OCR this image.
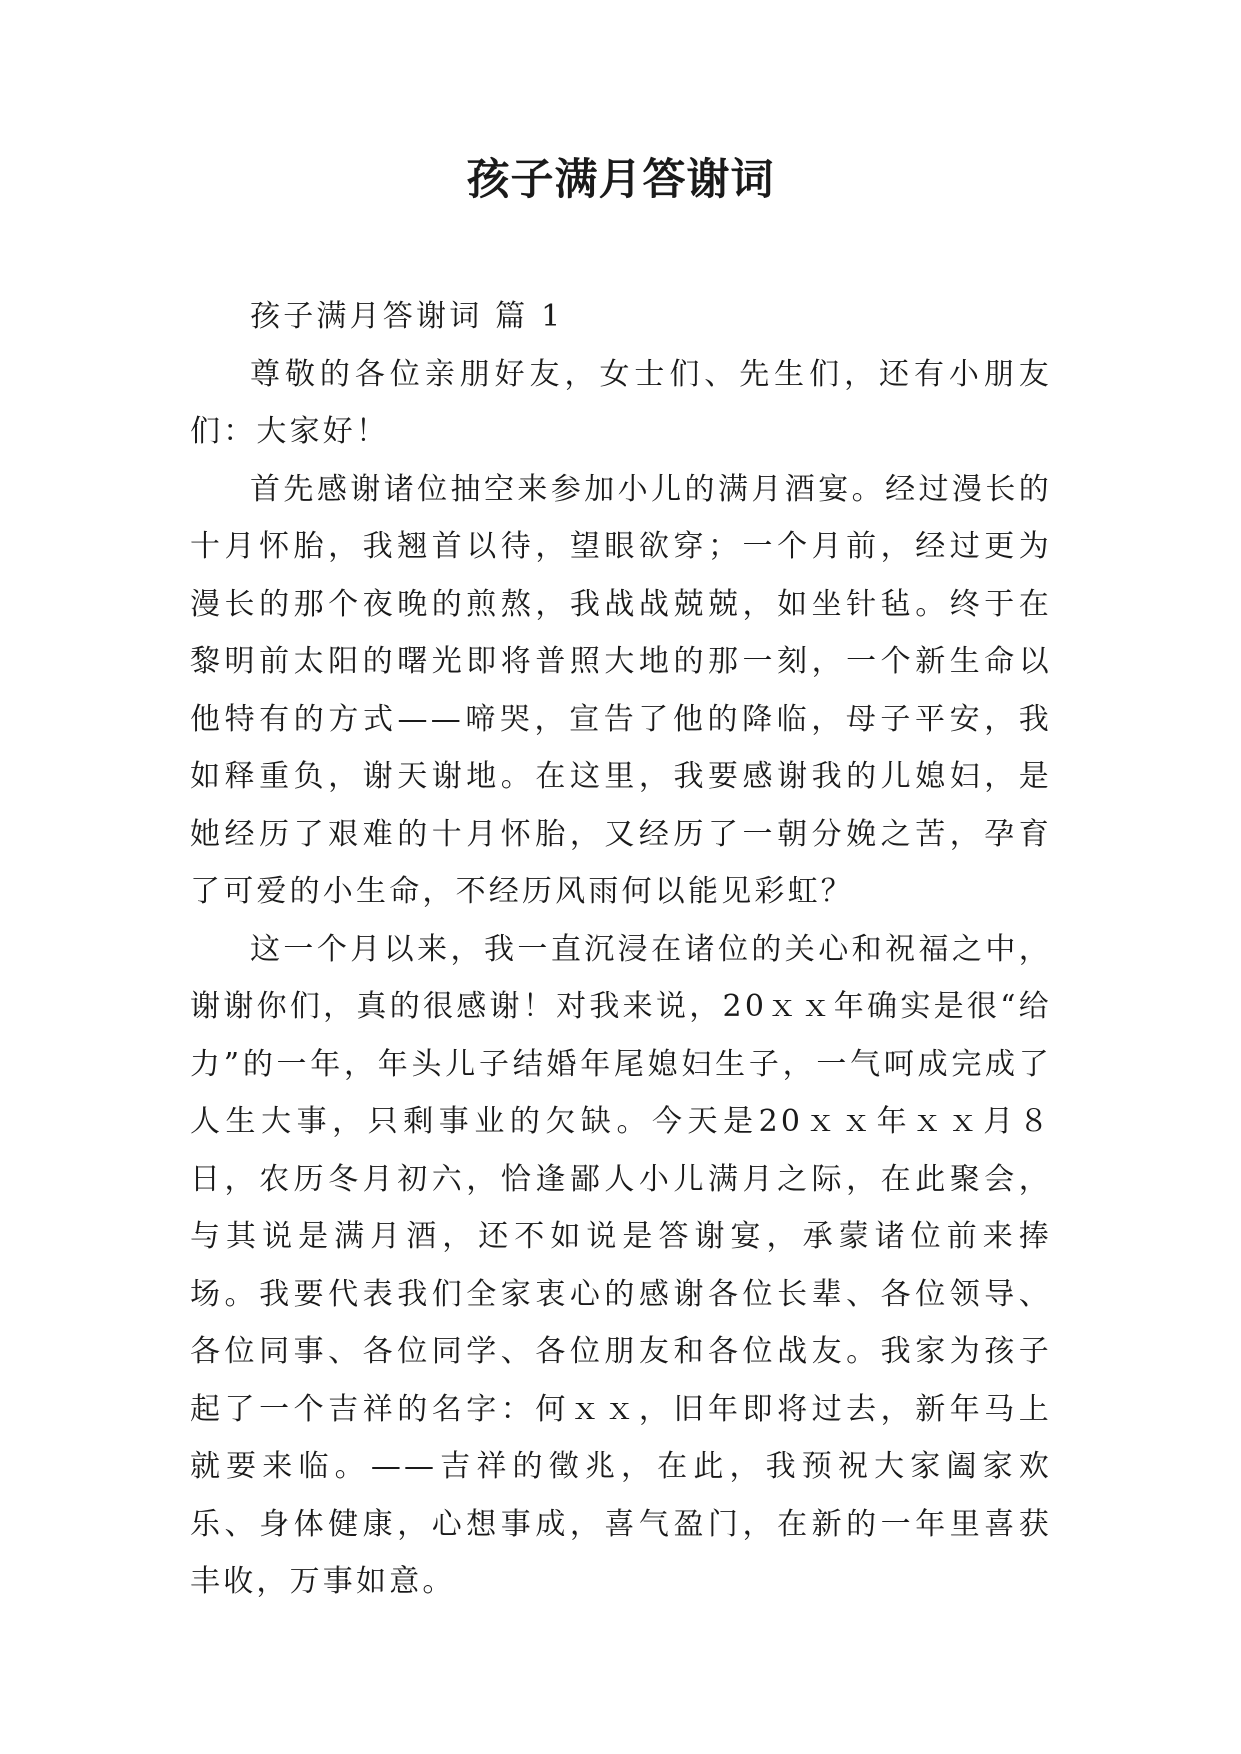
孩子满月答谢词

孩子满月答谢词 篇 1

尊敬的各位亲朋好友，女士们、先生们，还有小朋友们：大家好！

首先感谢诸位抽空来参加小儿的满月酒宴。经过漫长的十月怀胎，我翘首以待，望眼欲穿；一个月前，经过更为漫长的那个夜晚的煎熬，我战战兢兢，如坐针毡。终于在黎明前太阳的曙光即将普照大地的那一刻，一个新生命以他特有的方式——啼哭，宣告了他的降临，母子平安，我如释重负，谢天谢地。在这里，我要感谢我的儿媳妇，是她经历了艰难的十月怀胎，又经历了一朝分娩之苦，孕育了可爱的小生命，不经历风雨何以能见彩虹？

这一个月以来，我一直沉浸在诸位的关心和祝福之中，谢谢你们，真的很感谢！对我来说，20ｘｘ年确实是很“给力”的一年，年头儿子结婚年尾媳妇生子，一气呵成完成了人生大事，只剩事业的欠缺。今天是20ｘｘ年ｘｘ月８日，农历冬月初六，恰逢鄙人小儿满月之际，在此聚会，与其说是满月酒，还不如说是答谢宴，承蒙诸位前来捧场。我要代表我们全家衷心的感谢各位长辈、各位领导、各位同事、各位同学、各位朋友和各位战友。我家为孩子起了一个吉祥的名字：何ｘｘ，旧年即将过去，新年马上就要来临。——吉祥的徵兆，在此，我预祝大家阖家欢乐、身体健康，心想事成，喜气盈门，在新的一年里喜获丰收，万事如意。
